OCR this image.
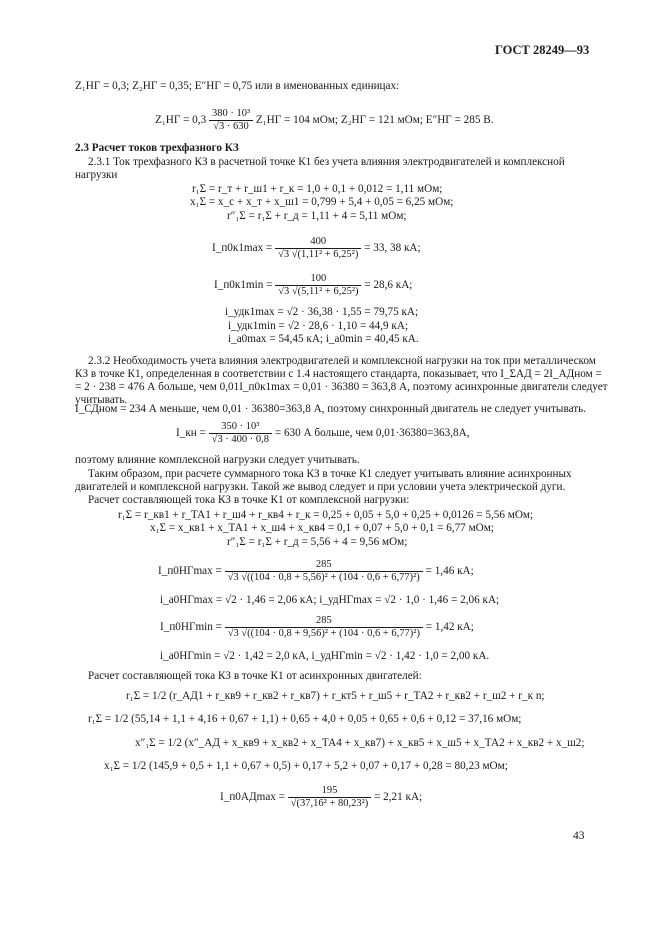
ГОСТ 28249—93
Z₁НГ = 0,3; Z₂НГ = 0,35; E″НГ = 0,75 или в именованных единицах:
$Z_1НГ = 0,3 \frac{\text{380 · 10³}}{√3 \cdot 630} Z_1НГ = 104$ мОм; Z₂НГ = 121 мОм; E″НГ = 285 В.
2.3 Расчет токов трехфазного КЗ
2.3.1 Ток трехфазного КЗ в расчетной точке К1 без учета влияния электродвигателей и комплексной
нагрузки
r₁Σ = r_т + r_ш1 + r_к = 1,0 + 0,1 + 0,012 = 1,11 мОм;
x₁Σ = x_с + x_т + x_ш1 = 0,799 + 5,4 + 0,05 = 6,25 мОм;
r″₁Σ = r₁Σ + r_д = 1,11 + 4 = 5,11 мОм;
I_п0к1max = $\frac{400}{\text{√3 √(1,11² + 6,25²)}} = 33$, 38 кА;
I_п0к1min = $\frac{100}{\text{√3 √(5,11² + 6,25²)}} = 28,6$ кА;
i_удк1max = √2 · 36,38 · 1,55 = 79,75 кА;
i_удк1min = √2 · 28,6 · 1,10 = 44,9 кА;
i_а0max = 54,45 кА; i_а0min = 40,45 кА.
2.3.2 Необходимость учета влияния электродвигателей и комплексной нагрузки на ток при металлическом
КЗ в точке К1, определенная в соответствии с 1.4 настоящего стандарта, показывает, что I_ΣАД = 2I_АДном =
= 2 · 238 = 476 А больше, чем 0,01I_п0к1max = 0,01 · 36380 = 363,8 А, поэтому асинхронные двигатели следует
учитывать.
I_СДном = 234 А меньше, чем 0,01 · 36380=363,8 А, поэтому синхронный двигатель не следует учитывать.
I_кн = $\frac{\text{350 · 10³}}{√3 \cdot 400 \cdot 0,8} = 630$ А больше, чем 0,01·36380=363,8А,
поэтому влияние комплексной нагрузки следует учитывать.
Таким образом, при расчете суммарного тока КЗ в точке К1 следует учитывать влияние асинхронных
двигателей и комплексной нагрузки. Такой же вывод следует и при условии учета электрической дуги.
Расчет составляющей тока КЗ в точке К1 от комплексной нагрузки:
r₁Σ = r_кв1 + r_ТА1 + r_ш4 + r_кв4 + r_к = 0,25 + 0,05 + 5,0 + 0,25 + 0,0126 = 5,56 мОм;
x₁Σ = x_кв1 + x_ТА1 + x_ш4 + x_кв4 = 0,1 + 0,07 + 5,0 + 0,1 = 6,77 мОм;
r″₁Σ = r₁Σ + r_д = 5,56 + 4 = 9,56 мОм;
I_п0НГmax = $\frac{285}{\text{√3 √((104 · 0,8 + 5,56)² + (104 · 0,6 + 6,77)²)}} = 1,46$ кА;
i_а0НГmax = √2 · 1,46 = 2,06 кА; i_удНГmax = √2 · 1,0 · 1,46 = 2,06 кА;
I_п0НГmin = $\frac{285}{\text{√3 √((104 · 0,8 + 9,56)² + (104 · 0,6 + 6,77)²)}} = 1,42$ кА;
i_а0НГmin = √2 · 1,42 = 2,0 кА, i_удНГmin = √2 · 1,42 · 1,0 = 2,00 кА.
Расчет составляющей тока КЗ в точке К1 от асинхронных двигателей:
r₁Σ = 1/2 (r_АД1 + r_кв9 + r_кв2 + r_кв7) + r_кт5 + r_ш5 + r_ТА2 + r_кв2 + r_ш2 + r_к n;
r₁Σ = 1/2 (55,14 + 1,1 + 4,16 + 0,67 + 1,1) + 0,65 + 4,0 + 0,05 + 0,65 + 0,6 + 0,12 = 37,16 мОм;
x″₁Σ = 1/2 (x″_АД + x_кв9 + x_кв2 + x_ТА4 + x_кв7) + x_кв5 + x_ш5 + x_ТА2 + x_кв2 + x_ш2;
x₁Σ = 1/2 (145,9 + 0,5 + 1,1 + 0,67 + 0,5) + 0,17 + 5,2 + 0,07 + 0,17 + 0,28 = 80,23 мОм;
I_п0АДmax = $\frac{195}{\text{√(37,16² + 80,23²)}} = 2,21$ кА;
43
